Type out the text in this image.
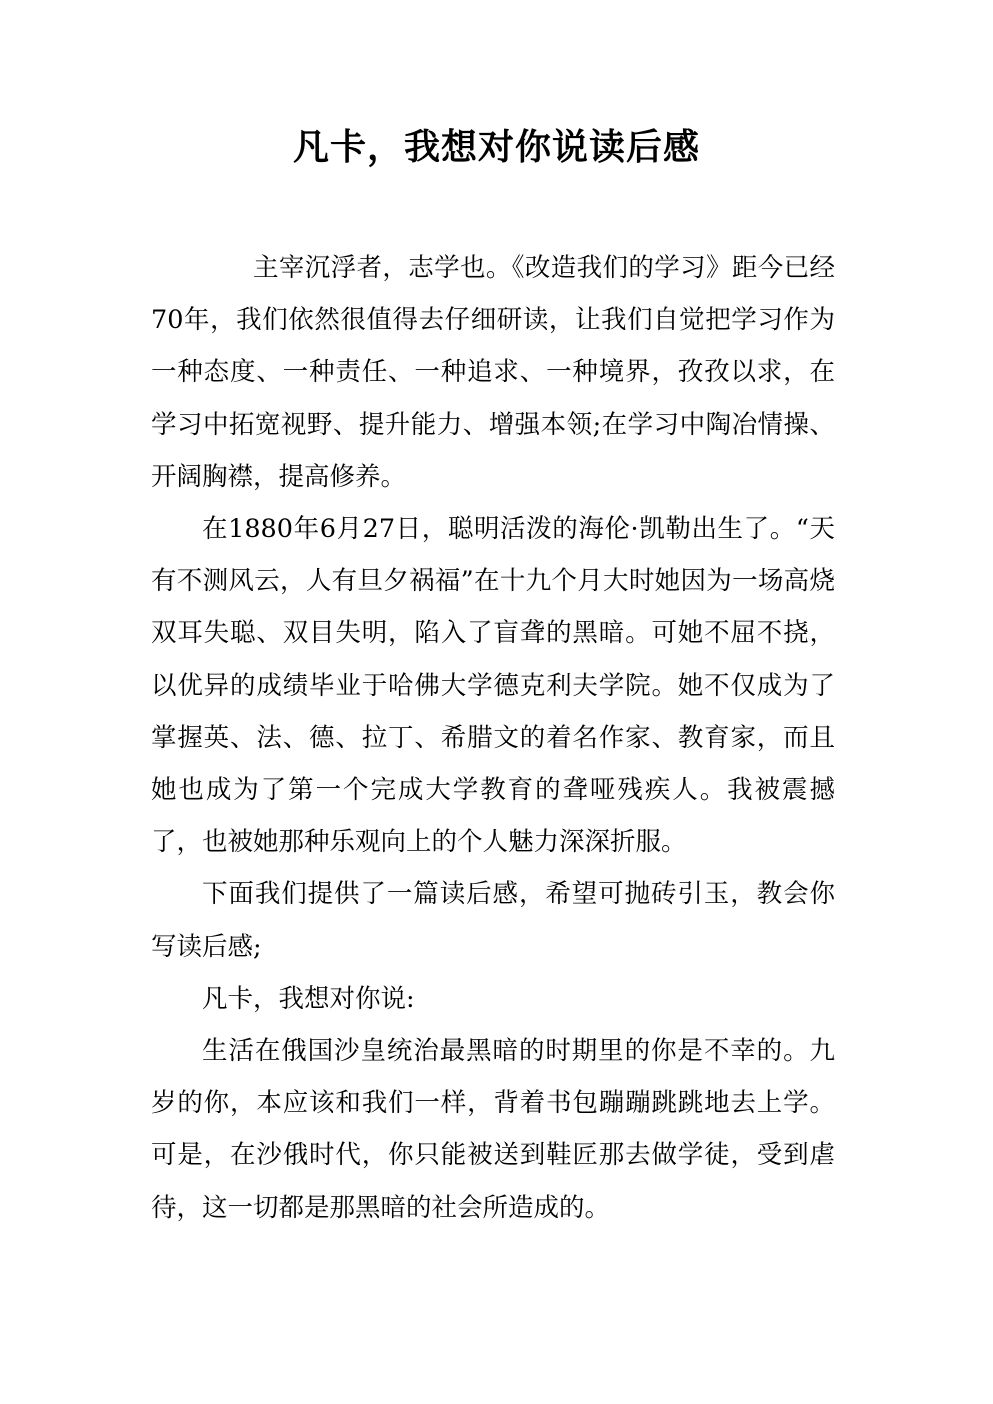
凡卡，我想对你说读后感

主宰沉浮者，志学也。《改造我们的学习》距今已经70年，我们依然很值得去仔细研读，让我们自觉把学习作为一种态度、一种责任、一种追求、一种境界，孜孜以求，在学习中拓宽视野、提升能力、增强本领;在学习中陶冶情操、开阔胸襟，提高修养。

在1880年6月27日，聪明活泼的海伦·凯勒出生了。“天有不测风云，人有旦夕祸福”在十九个月大时她因为一场高烧双耳失聪、双目失明，陷入了盲聋的黑暗。可她不屈不挠，以优异的成绩毕业于哈佛大学德克利夫学院。她不仅成为了掌握英、法、德、拉丁、希腊文的着名作家、教育家，而且她也成为了第一个完成大学教育的聋哑残疾人。我被震撼了，也被她那种乐观向上的个人魅力深深折服。

下面我们提供了一篇读后感，希望可抛砖引玉，教会你写读后感;

凡卡，我想对你说:

生活在俄国沙皇统治最黑暗的时期里的你是不幸的。九岁的你，本应该和我们一样，背着书包蹦蹦跳跳地去上学。可是，在沙俄时代，你只能被送到鞋匠那去做学徒，受到虐待，这一切都是那黑暗的社会所造成的。
